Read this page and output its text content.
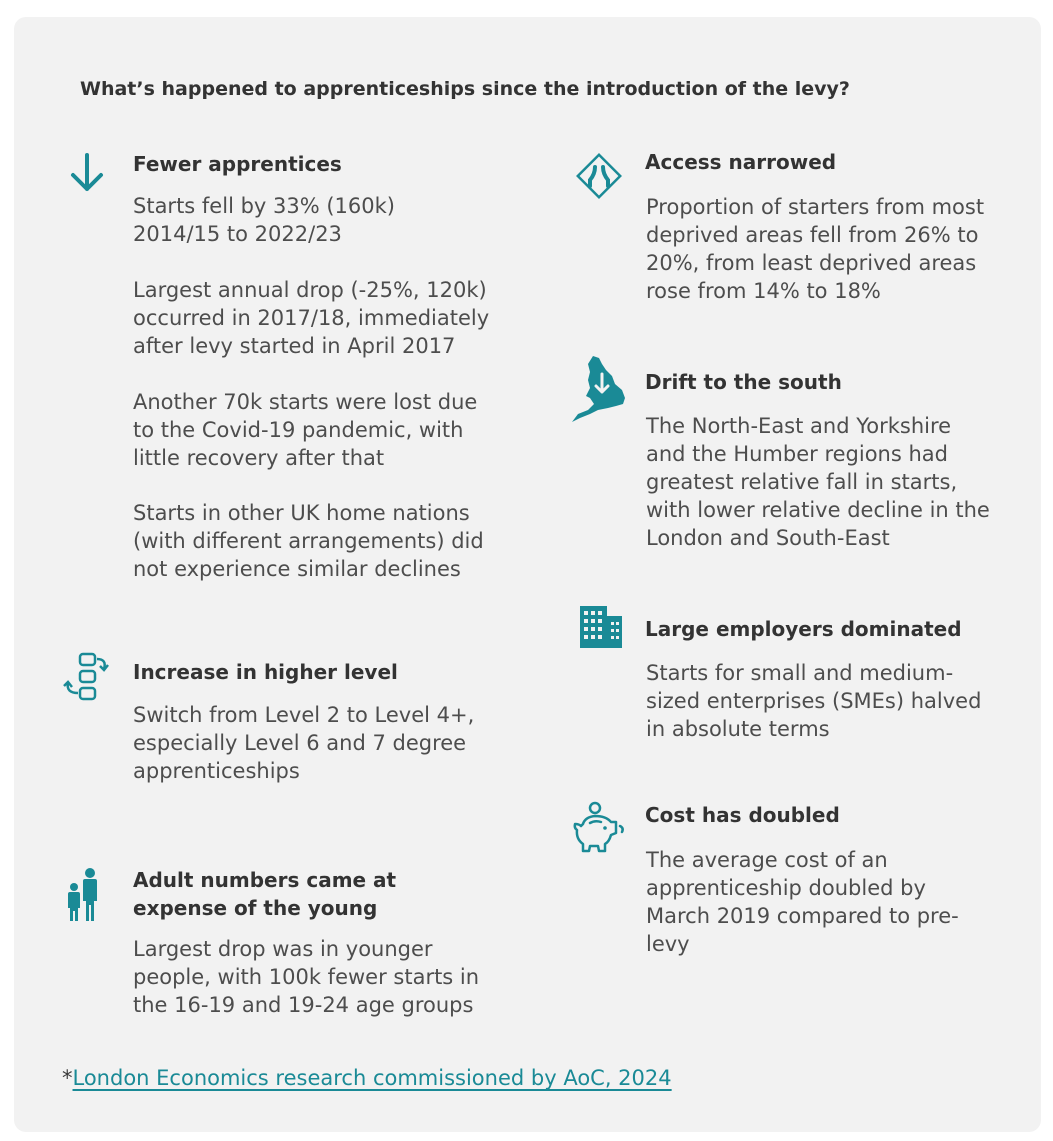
What’s happened to apprenticeships since the introduction of the levy?
Fewer apprentices
Increase in higher level
Adult numbers came at
expense of the young
Access narrowed
Drift to the south
Large employers dominated
Cost has doubled

Starts fell by 33% (160k)
2014/15 to 2022/23

Largest annual drop (-25%, 120k)
occurred in 2017/18, immediately
after levy started in April 2017

Another 70k starts were lost due
to the Covid-19 pandemic, with
little recovery after that

Starts in other UK home nations
(with different arrangements) did
not experience similar declines

Switch from Level 2 to Level 4+,
especially Level 6 and 7 degree
apprenticeships

Largest drop was in younger
people, with 100k fewer starts in
the 16-19 and 19-24 age groups

Proportion of starters from most
deprived areas fell from 26% to
20%, from least deprived areas
rose from 14% to 18%

The North-East and Yorkshire
and the Humber regions had
greatest relative fall in starts,
with lower relative decline in the
London and South-East

Starts for small and medium-
sized enterprises (SMEs) halved
in absolute terms

The average cost of an
apprenticeship doubled by
March 2019 compared to pre-
levy

*London Economics research commissioned by AoC, 2024
